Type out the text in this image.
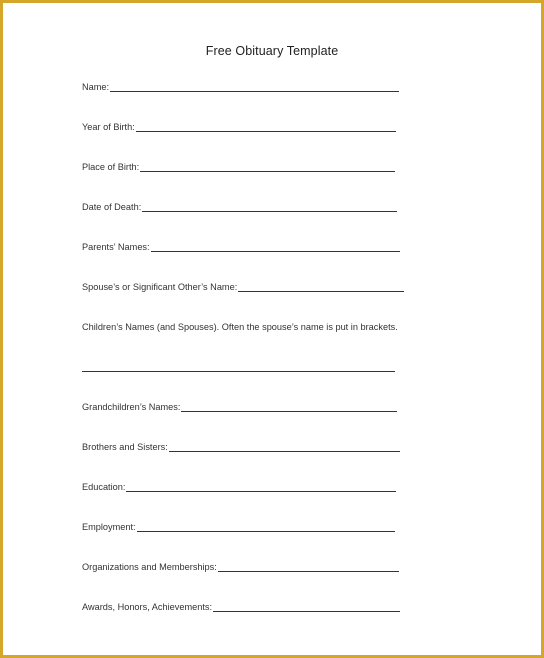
Free Obituary Template
Name:
Year of Birth:
Place of Birth:
Date of Death:
Parents’ Names:
Spouse’s or Significant Other’s Name:
Children’s Names (and Spouses). Often the spouse’s name is put in brackets.
Grandchildren’s Names:
Brothers and Sisters:
Education:
Employment:
Organizations and Memberships:
Awards, Honors, Achievements:
